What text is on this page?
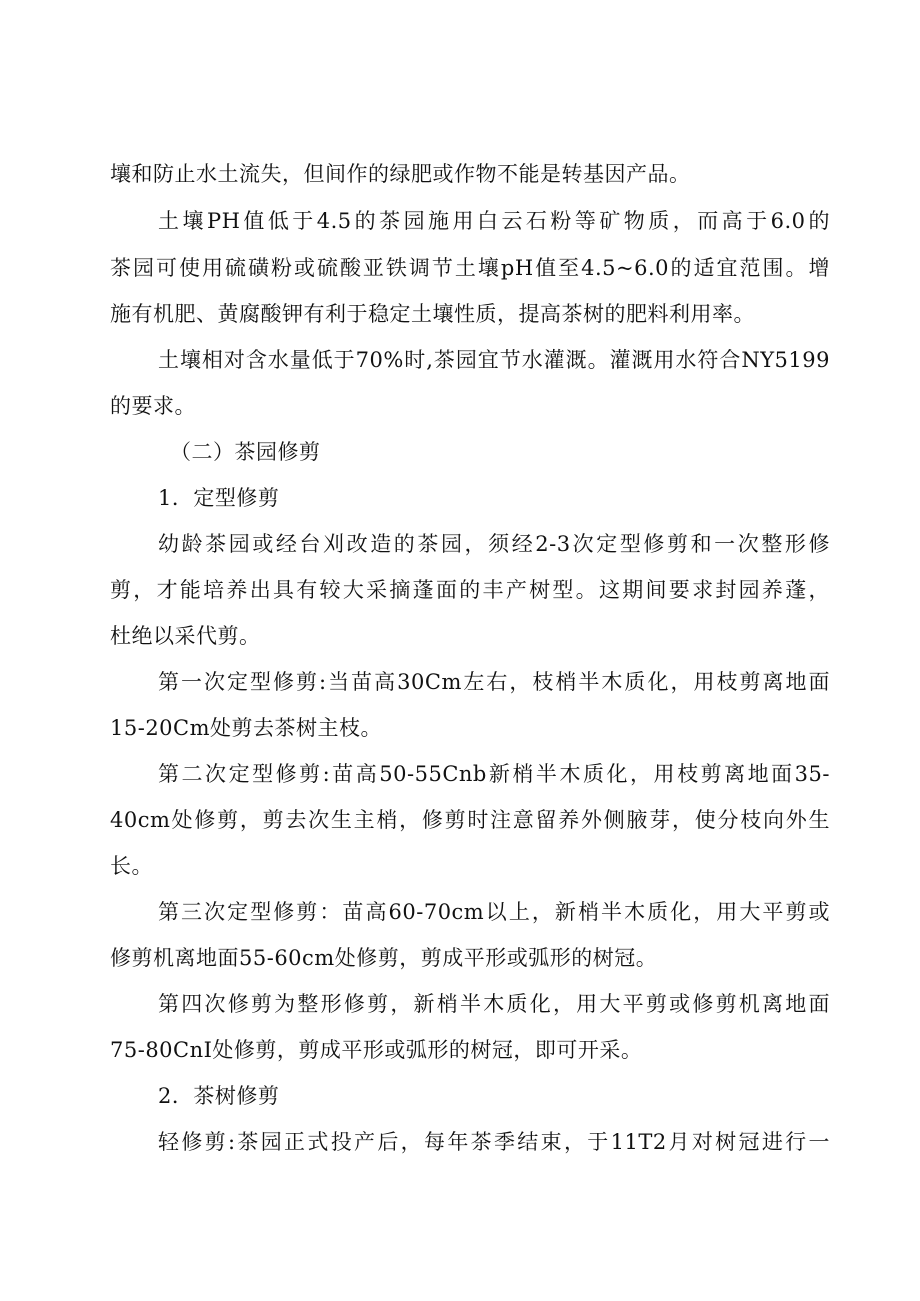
壤和防止水土流失，但间作的绿肥或作物不能是转基因产品。
土壤PH值低于4.5的茶园施用白云石粉等矿物质，而高于6.0的
茶园可使用硫磺粉或硫酸亚铁调节土壤pH值至4.5~6.0的适宜范围。增
施有机肥、黄腐酸钾有利于稳定土壤性质，提高茶树的肥料利用率。
土壤相对含水量低于70%时,茶园宜节水灌溉。灌溉用水符合NY5199
的要求。
（二）茶园修剪
1．定型修剪
幼龄茶园或经台刈改造的茶园，须经2-3次定型修剪和一次整形修
剪，才能培养出具有较大采摘蓬面的丰产树型。这期间要求封园养蓬，
杜绝以采代剪。
第一次定型修剪:当苗高30Cm左右，枝梢半木质化，用枝剪离地面
15-20Cm处剪去茶树主枝。
第二次定型修剪:苗高50-55Cnb新梢半木质化，用枝剪离地面35-
40cm处修剪，剪去次生主梢，修剪时注意留养外侧腋芽，使分枝向外生
长。
第三次定型修剪：苗高60-70cm以上，新梢半木质化，用大平剪或
修剪机离地面55-60cm处修剪，剪成平形或弧形的树冠。
第四次修剪为整形修剪，新梢半木质化，用大平剪或修剪机离地面
75-80CnI处修剪，剪成平形或弧形的树冠，即可开采。
2．茶树修剪
轻修剪:茶园正式投产后，每年茶季结束，于11T2月对树冠进行一
